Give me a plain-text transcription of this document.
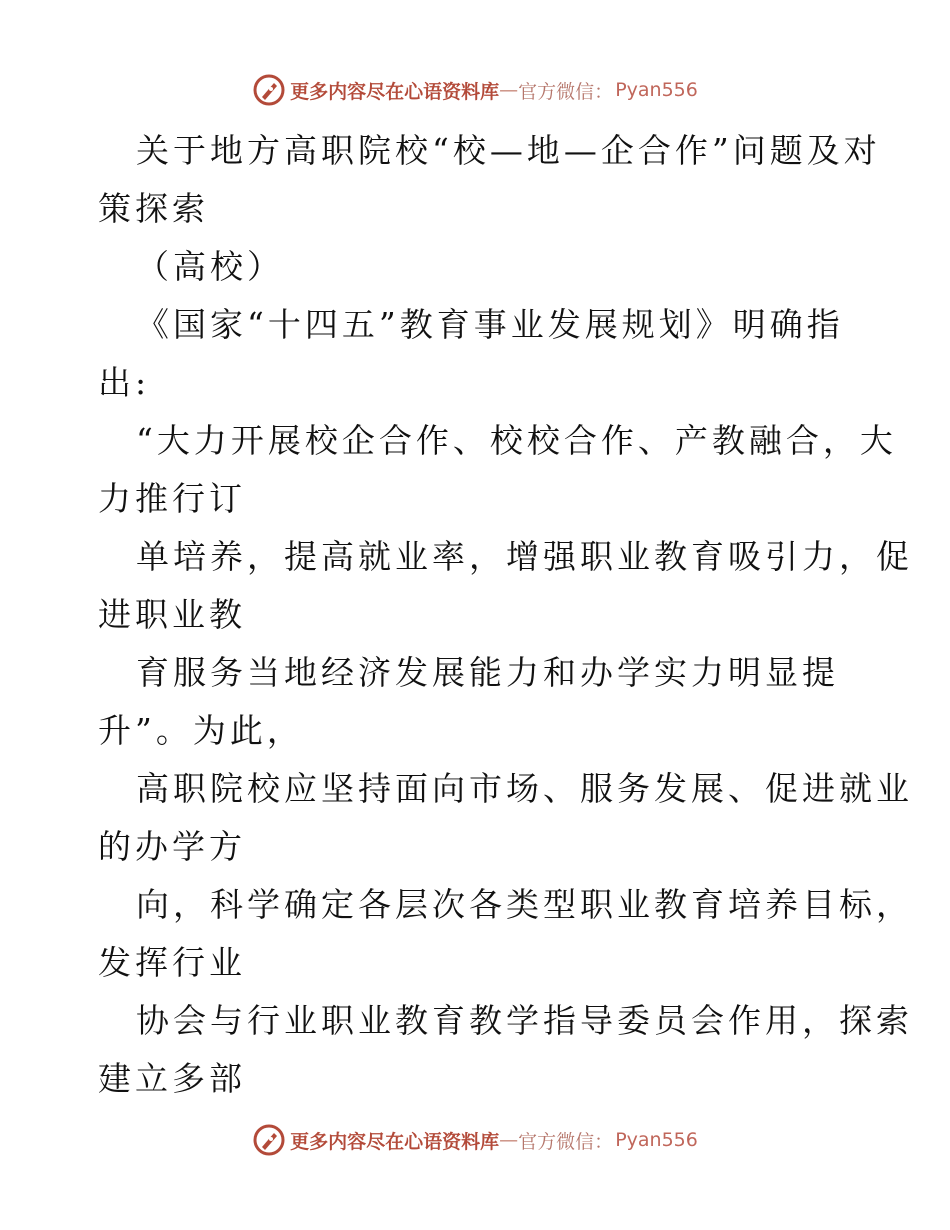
更多内容尽在心语资料库 — 官方微信： Pyan556

关于地方高职院校“校—地—企合作”问题及对

策探索

（高校）

《国家“十四五”教育事业发展规划》明确指

出:

“大力开展校企合作、校校合作、产教融合，大

力推行订

单培养，提高就业率，增强职业教育吸引力，促

进职业教

育服务当地经济发展能力和办学实力明显提

升”。为此，

高职院校应坚持面向市场、服务发展、促进就业

的办学方

向，科学确定各层次各类型职业教育培养目标，

发挥行业

协会与行业职业教育教学指导委员会作用，探索

建立多部

更多内容尽在心语资料库 — 官方微信： Pyan556
